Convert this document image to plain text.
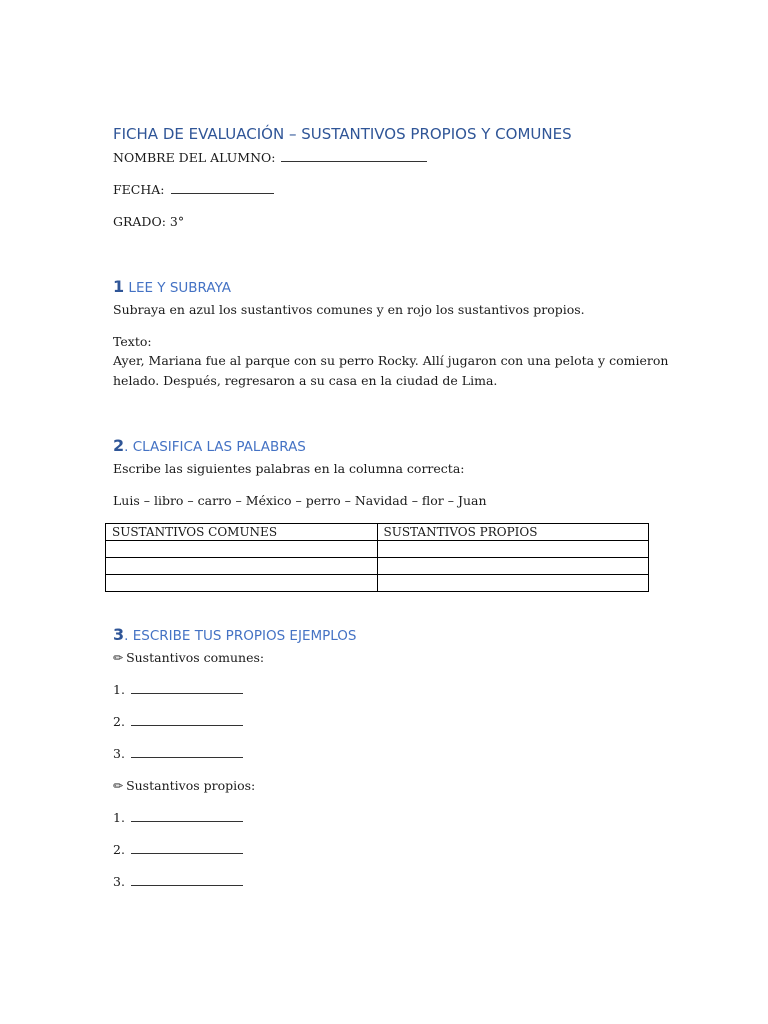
FICHA DE EVALUACIÓN – SUSTANTIVOS PROPIOS Y COMUNES
NOMBRE DEL ALUMNO:
FECHA:
GRADO: 3°
1 LEE Y SUBRAYA
Subraya en azul los sustantivos comunes y en rojo los sustantivos propios.
Texto:
Ayer, Mariana fue al parque con su perro Rocky. Allí jugaron con una pelota y comieron
helado. Después, regresaron a su casa en la ciudad de Lima.
2. CLASIFICA LAS PALABRAS
Escribe las siguientes palabras en la columna correcta:
Luis – libro – carro – México – perro – Navidad – flor – Juan
SUSTANTIVOS COMUNES	SUSTANTIVOS PROPIOS

3. ESCRIBE TUS PROPIOS EJEMPLOS
✏ Sustantivos comunes:
1.
2.
3.
✏ Sustantivos propios:
1.
2.
3.
